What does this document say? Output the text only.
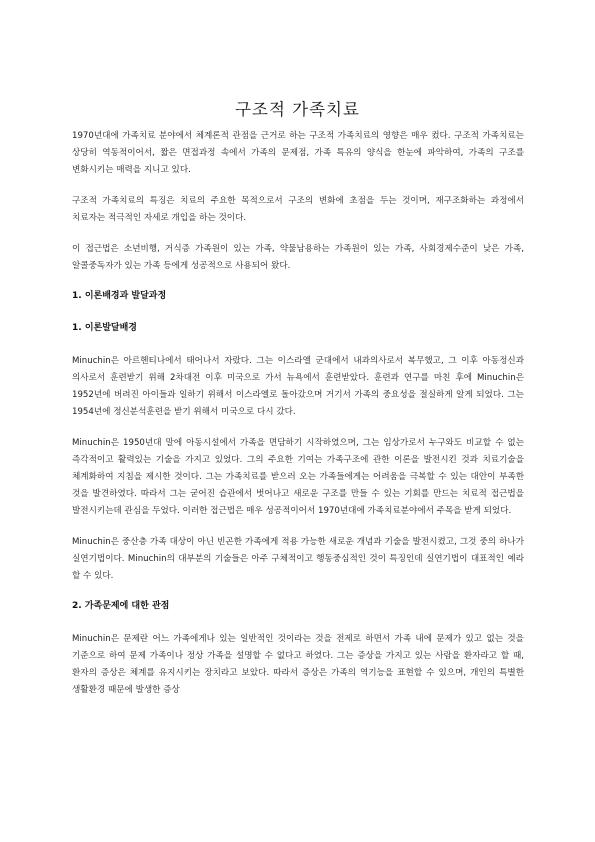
구조적 가족치료

1970년대에 가족치료 분야에서 체계론적 관점을 근거로 하는 구조적 가족치료의 영향은 매우 컸다. 구조적 가족치료는 상당히 역동적이어서, 짧은 면접과정 속에서 가족의 문제점, 가족 특유의 양식을 한눈에 파악하여, 가족의 구조를 변화시키는 매력을 지니고 있다.

구조적 가족치료의 특징은 치료의 주요한 목적으로서 구조의 변화에 초점을 두는 것이며, 재구조화하는 과정에서 치료자는 적극적인 자세로 개입을 하는 것이다.

이 접근법은 소년비행, 거식증 가족원이 있는 가족, 약물남용하는 가족원이 있는 가족, 사회경제수준이 낮은 가족, 알콜중독자가 있는 가족 등에게 성공적으로 사용되어 왔다.

1. 이론배경과 발달과정
1. 이론발달배경

Minuchin은 아르헨티나에서 태어나서 자랐다. 그는 이스라엘 군대에서 내과의사로서 복무했고, 그 이후 아동정신과 의사로서 훈련받기 위해 2차대전 이후 미국으로 가서 뉴욕에서 훈련받았다. 훈련과 연구를 마친 후에 Minuchin은 1952년에 버려진 아이들과 일하기 위해서 이스라엘로 돌아갔으며 거기서 가족의 중요성을 절실하게 알게 되었다. 그는 1954년에 정신분석훈련을 받기 위해서 미국으로 다시 갔다.

Minuchin은 1950년대 말에 아동시설에서 가족을 면담하기 시작하였으며, 그는 임상가로서 누구와도 비교할 수 없는 즉각적이고 활력있는 기술을 가지고 있었다. 그의 주요한 기여는 가족구조에 관한 이론을 발전시킨 것과 치료기술을 체계화하여 지침을 제시한 것이다. 그는 가족치료를 받으러 오는 가족들에게는 어려움을 극복할 수 있는 대안이 부족한 것을 발견하였다. 따라서 그는 굳어진 습관에서 벗어나고 새로운 구조를 만들 수 있는 기회를 만드는 치료적 접근법을 발전시키는데 관심을 두었다. 이러한 접근법은 매우 성공적이어서 1970년대에 가족치료분야에서 주목을 받게 되었다.

Minuchin은 중산층 가족 대상이 아닌 빈곤한 가족에게 적용 가능한 새로운 개념과 기술을 발전시켰고, 그것 중의 하나가 실연기법이다. Minuchin의 대부분의 기술들은 아주 구체적이고 행동중심적인 것이 특징인데 실연기법이 대표적인 예라 할 수 있다.

2. 가족문제에 대한 관점

Minuchin은 문제란 어느 가족에게나 있는 일반적인 것이라는 것을 전제로 하면서 가족 내에 문제가 있고 없는 것을 기준으로 하여 문제 가족이나 정상 가족을 설명할 수 없다고 하였다. 그는 증상을 가지고 있는 사람을 환자라고 할 때, 환자의 증상은 체계를 유지시키는 장치라고 보았다. 따라서 증상은 가족의 역기능을 표현할 수 있으며, 개인의 특별한 생활환경 때문에 발생한 증상
